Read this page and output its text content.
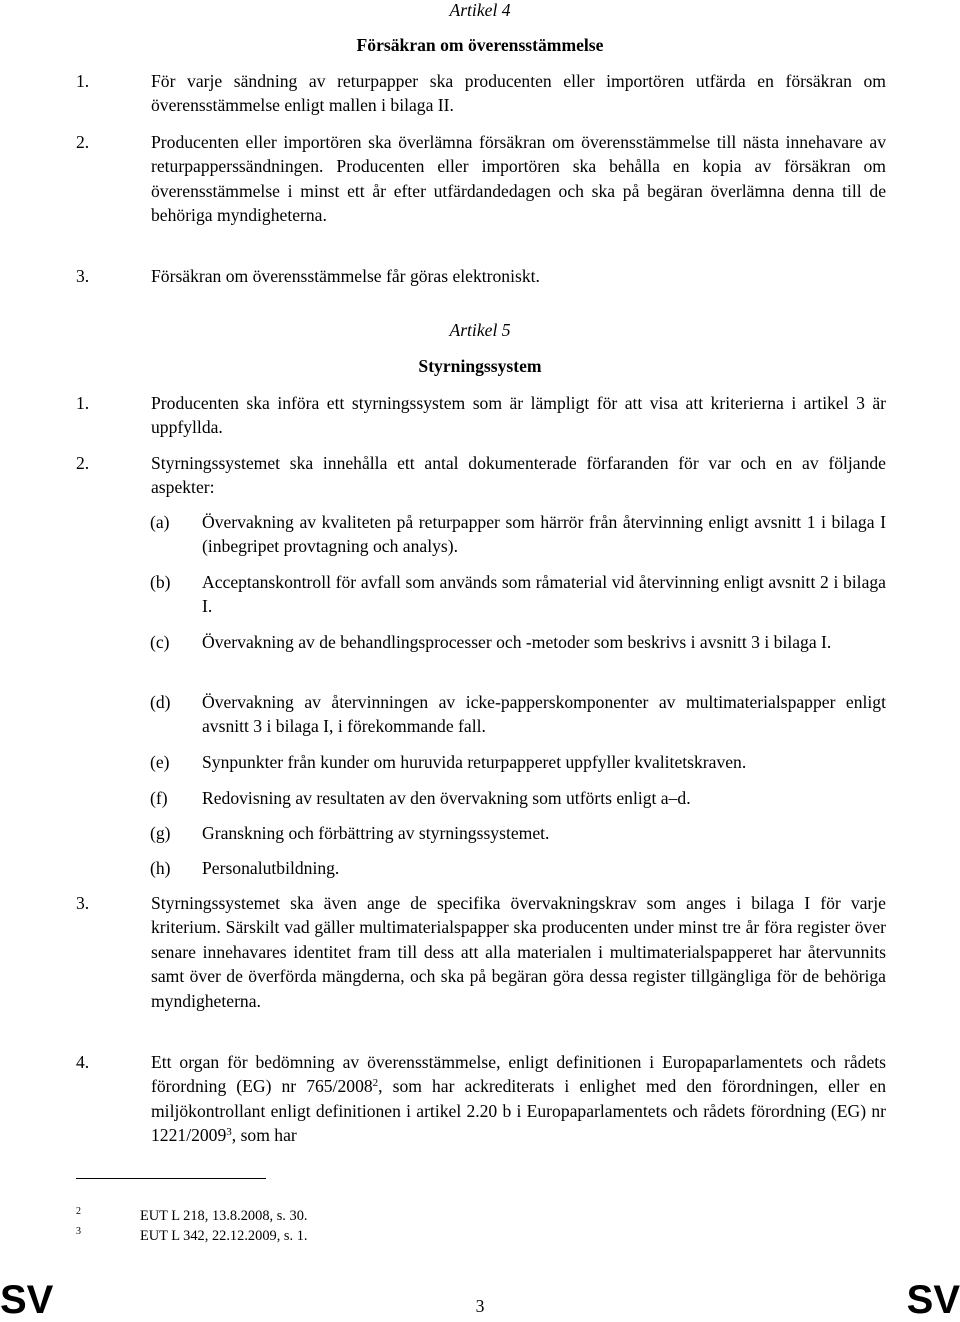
Artikel 4
Försäkran om överensstämmelse
1.	För varje sändning av returpapper ska producenten eller importören utfärda en försäkran om överensstämmelse enligt mallen i bilaga II.
2.	Producenten eller importören ska överlämna försäkran om överensstämmelse till nästa innehavare av returpapperssändningen. Producenten eller importören ska behålla en kopia av försäkran om överensstämmelse i minst ett år efter utfärdandedagen och ska på begäran överlämna denna till de behöriga myndigheterna.
3.	Försäkran om överensstämmelse får göras elektroniskt.
Artikel 5
Styrningssystem
1.	Producenten ska införa ett styrningssystem som är lämpligt för att visa att kriterierna i artikel 3 är uppfyllda.
2.	Styrningssystemet ska innehålla ett antal dokumenterade förfaranden för var och en av följande aspekter:
(a) Övervakning av kvaliteten på returpapper som härrör från återvinning enligt avsnitt 1 i bilaga I (inbegripet provtagning och analys).
(b) Acceptanskontroll för avfall som används som råmaterial vid återvinning enligt avsnitt 2 i bilaga I.
(c) Övervakning av de behandlingsprocesser och -metoder som beskrivs i avsnitt 3 i bilaga I.
(d) Övervakning av återvinningen av icke-papperskomponenter av multimaterialspapper enligt avsnitt 3 i bilaga I, i förekommande fall.
(e) Synpunkter från kunder om huruvida returpapperet uppfyller kvalitetskraven.
(f) Redovisning av resultaten av den övervakning som utförts enligt a–d.
(g) Granskning och förbättring av styrningssystemet.
(h) Personalutbildning.
3.	Styrningssystemet ska även ange de specifika övervakningskrav som anges i bilaga I för varje kriterium. Särskilt vad gäller multimaterialspapper ska producenten under minst tre år föra register över senare innehavares identitet fram till dess att alla materialen i multimaterialspapperet har återvunnits samt över de överförda mängderna, och ska på begäran göra dessa register tillgängliga för de behöriga myndigheterna.
4.	Ett organ för bedömning av överensstämmelse, enligt definitionen i Europaparlamentets och rådets förordning (EG) nr 765/2008$^2$, som har ackrediterats i enlighet med den förordningen, eller en miljökontrollant enligt definitionen i artikel 2.20 b i Europaparlamentets och rådets förordning (EG) nr 1221/2009$^3$, som har
2	EUT L 218, 13.8.2008, s. 30.
3	EUT L 342, 22.12.2009, s. 1.
SV	3	SV
